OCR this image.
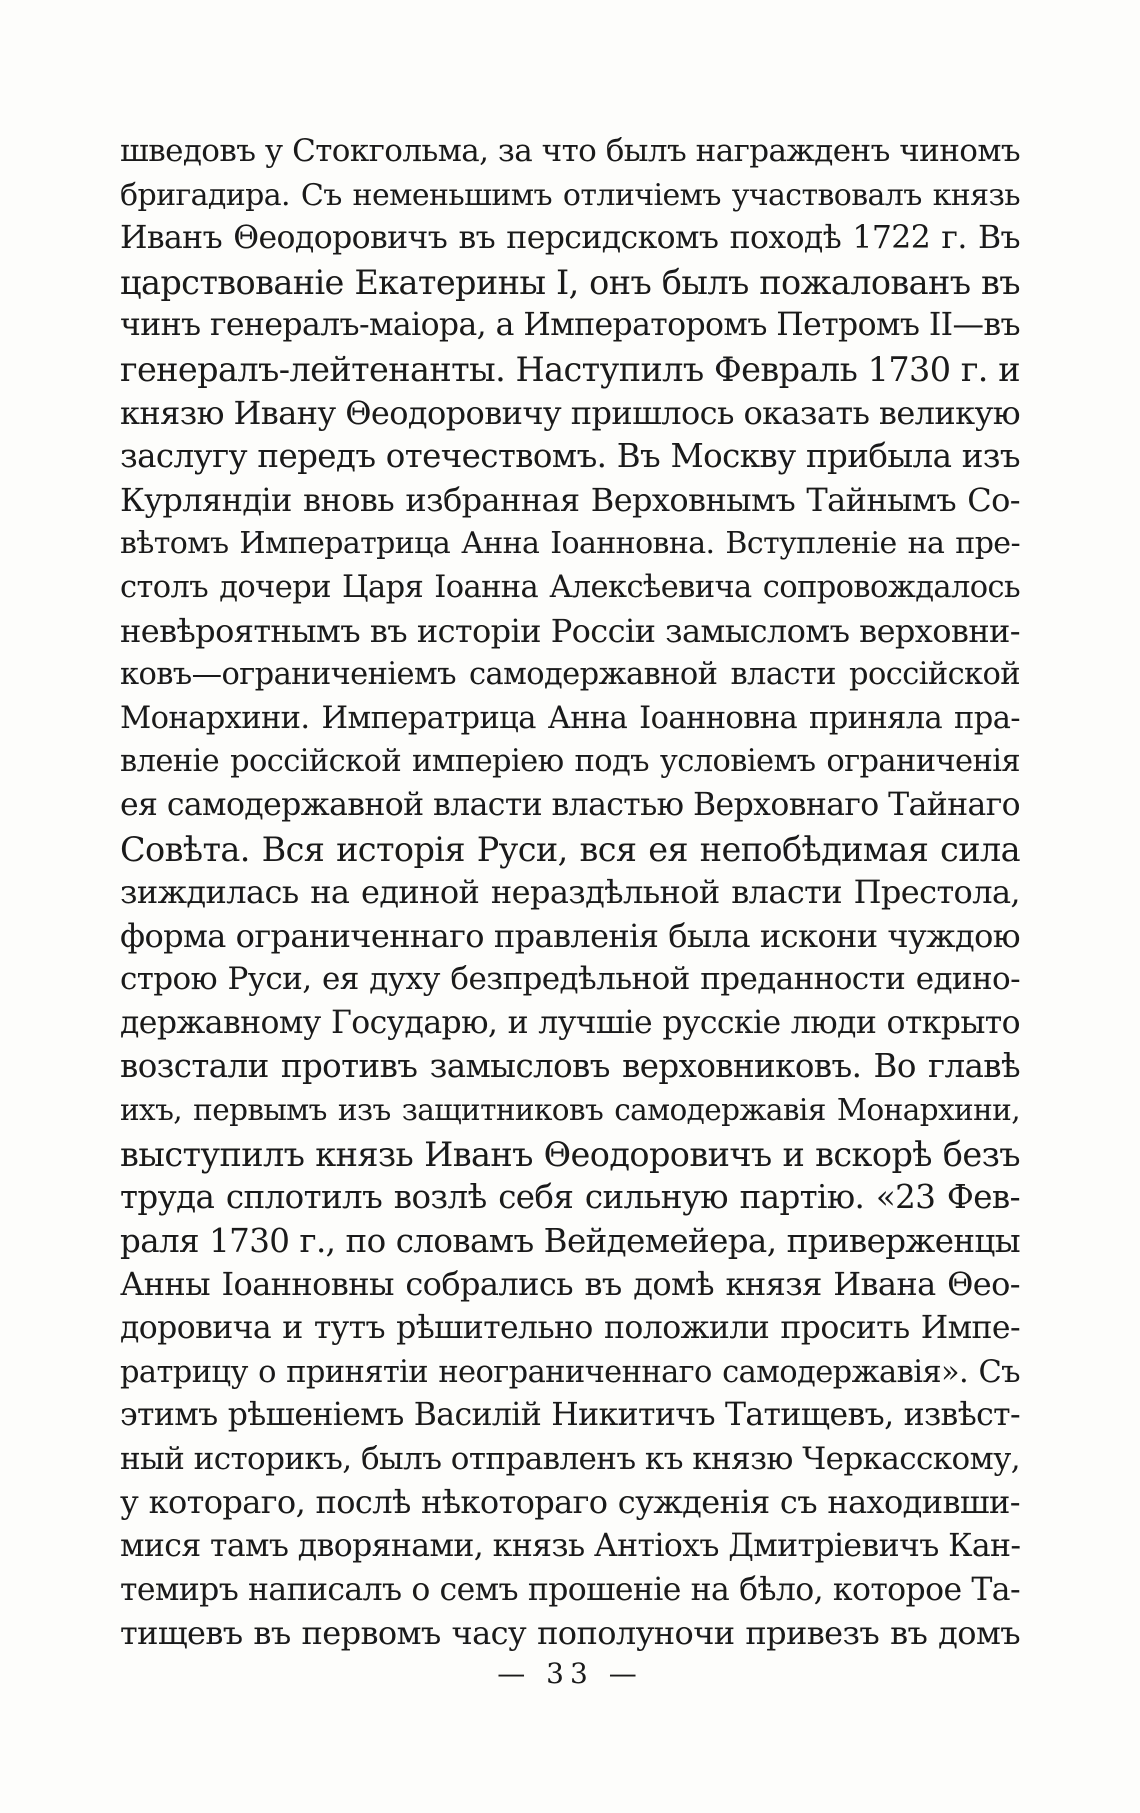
шведовъ у Стокгольма, за что былъ награжденъ чиномъ
бригадира. Съ неменьшимъ отличіемъ участвовалъ князь
Иванъ Θеодоровичъ въ персидскомъ походѣ 1722 г. Въ
царствованіе Екатерины I, онъ былъ пожалованъ въ
чинъ генералъ-маіора, а Императоромъ Петромъ II—въ
генералъ-лейтенанты. Наступилъ Февраль 1730 г. и
князю Ивану Θеодоровичу пришлось оказать великую
заслугу передъ отечествомъ. Въ Москву прибыла изъ
Курляндіи вновь избранная Верховнымъ Тайнымъ Со-
вѣтомъ Императрица Анна Іоанновна. Вступленіе на пре-
столъ дочери Царя Іоанна Алексѣевича сопровождалось
невѣроятнымъ въ исторіи Россіи замысломъ верховни-
ковъ—ограниченіемъ самодержавной власти россійской
Монархини. Императрица Анна Іоанновна приняла пра-
вленіе россійской имперіею подъ условіемъ ограниченія
ея самодержавной власти властью Верховнаго Тайнаго
Совѣта. Вся исторія Руси, вся ея непобѣдимая сила
зиждилась на единой нераздѣльной власти Престола,
форма ограниченнаго правленія была искони чуждою
строю Руси, ея духу безпредѣльной преданности едино-
державному Государю, и лучшіе русскіе люди открыто
возстали противъ замысловъ верховниковъ. Во главѣ
ихъ, первымъ изъ защитниковъ самодержавія Монархини,
выступилъ князь Иванъ Θеодоровичъ и вскорѣ безъ
труда сплотилъ возлѣ себя сильную партію. «23 Фев-
раля 1730 г., по словамъ Вейдемейера, приверженцы
Анны Іоанновны собрались въ домѣ князя Ивана Θео-
доровича и тутъ рѣшительно положили просить Импе-
ратрицу о принятіи неограниченнаго самодержавія». Съ
этимъ рѣшеніемъ Василій Никитичъ Татищевъ, извѣст-
ный историкъ, былъ отправленъ къ князю Черкасскому,
у котораго, послѣ нѣкотораго сужденія съ находивши-
мися тамъ дворянами, князь Антіохъ Дмитріевичъ Кан-
темиръ написалъ о семъ прошеніе на бѣло, которое Та-
тищевъ въ первомъ часу пополуночи привезъ въ домъ
— 33 —
